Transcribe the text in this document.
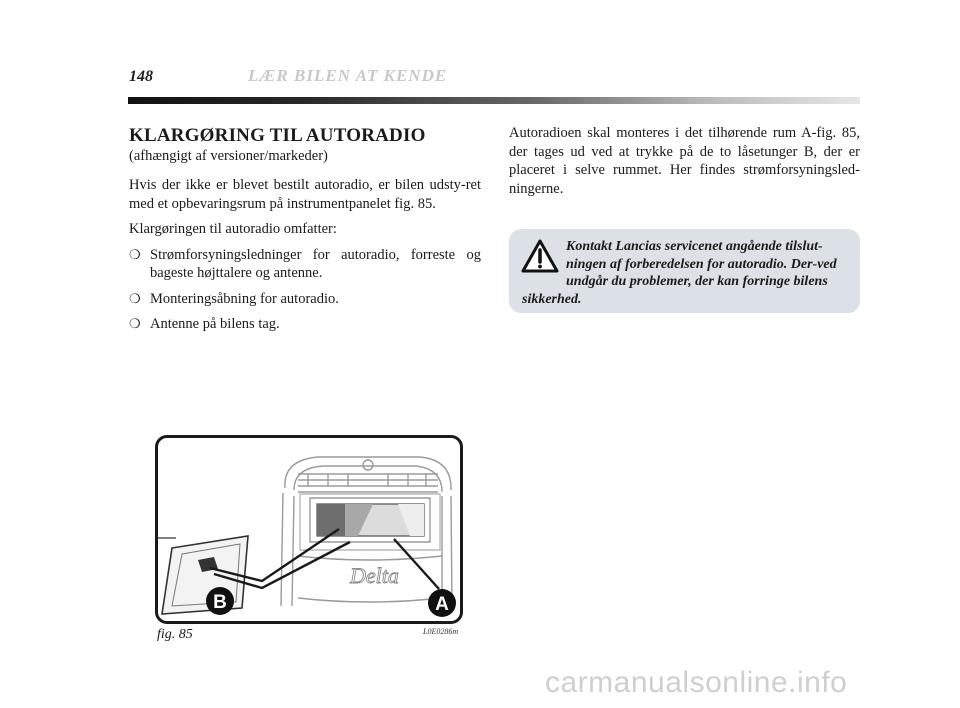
148	LÆR BILEN AT KENDE
KLARGØRING TIL AUTORADIO
(afhængigt af versioner/markeder)

Hvis der ikke er blevet bestilt autoradio, er bilen udsty-ret med et opbevaringsrum på instrumentpanelet fig. 85.

Klargøringen til autoradio omfatter:

❍ Strømforsyningsledninger for autoradio, forreste og bageste højttalere og antenne.
❍ Monteringsåbning for autoradio.
❍ Antenne på bilens tag.

Autoradioen skal monteres i det tilhørende rum A-fig. 85, der tages ud ved at trykke på de to låsetunger B, der er placeret i selve rummet. Her findes strømforsyningsled-ningerne.

Kontakt Lancias servicenet angående tilslut-ningen af forberedelsen for autoradio. Der-ved undgår du problemer, der kan forringe bilens sikkerhed.
Delta
B	A
fig. 85	L0E0286m
carmanualsonline.info
